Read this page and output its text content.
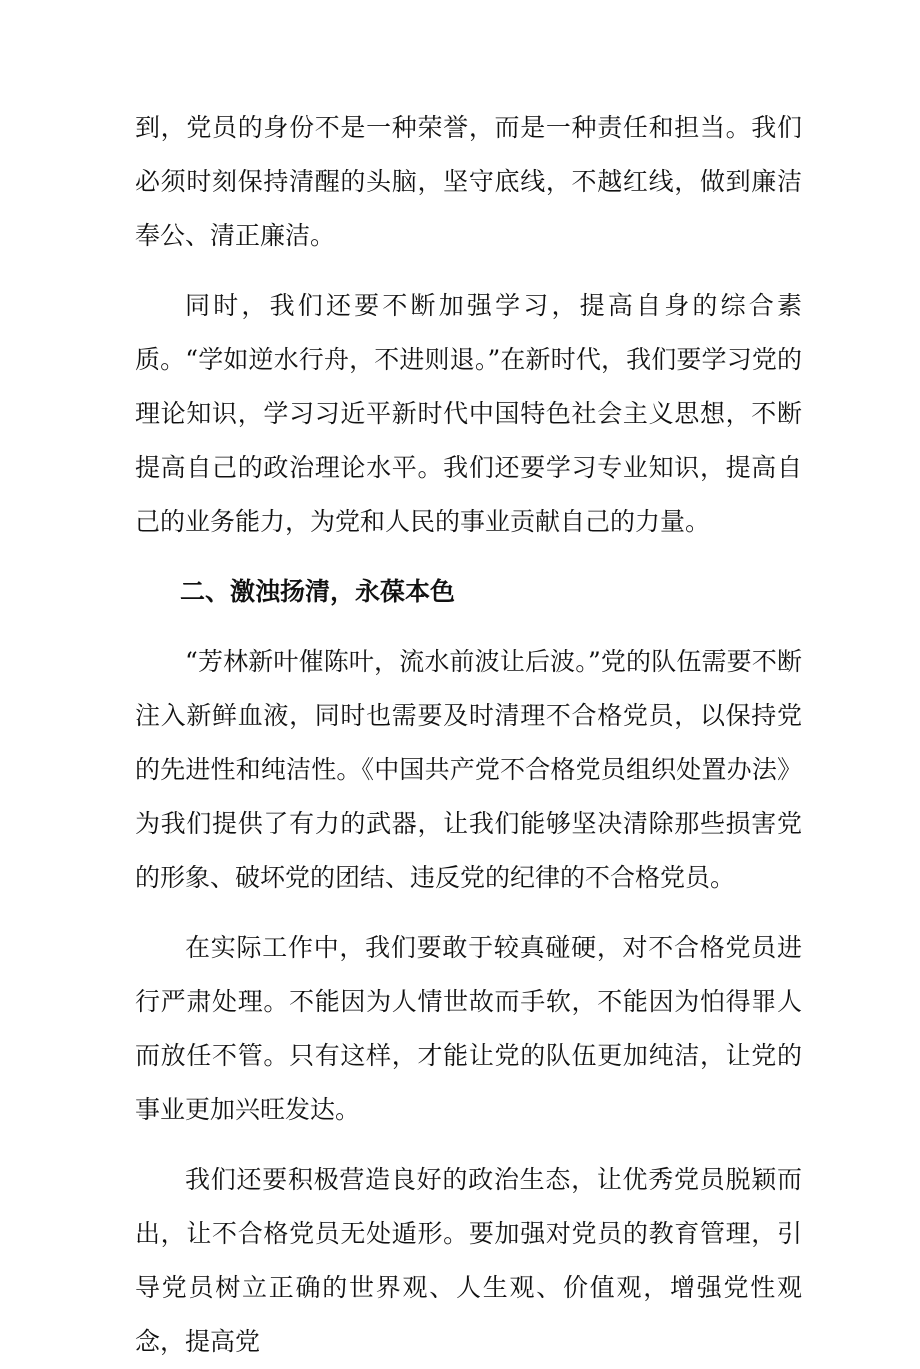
到，党员的身份不是一种荣誉，而是一种责任和担当。我们必须时刻保持清醒的头脑，坚守底线，不越红线，做到廉洁奉公、清正廉洁。

同时，我们还要不断加强学习，提高自身的综合素质。“学如逆水行舟，不进则退。”在新时代，我们要学习党的理论知识，学习习近平新时代中国特色社会主义思想，不断提高自己的政治理论水平。我们还要学习专业知识，提高自己的业务能力，为党和人民的事业贡献自己的力量。

二、激浊扬清，永葆本色

“芳林新叶催陈叶，流水前波让后波。”党的队伍需要不断注入新鲜血液，同时也需要及时清理不合格党员，以保持党的先进性和纯洁性。《中国共产党不合格党员组织处置办法》为我们提供了有力的武器，让我们能够坚决清除那些损害党的形象、破坏党的团结、违反党的纪律的不合格党员。

在实际工作中，我们要敢于较真碰硬，对不合格党员进行严肃处理。不能因为人情世故而手软，不能因为怕得罪人而放任不管。只有这样，才能让党的队伍更加纯洁，让党的事业更加兴旺发达。

我们还要积极营造良好的政治生态，让优秀党员脱颖而出，让不合格党员无处遁形。要加强对党员的教育管理，引导党员树立正确的世界观、人生观、价值观，增强党性观念，提高党
